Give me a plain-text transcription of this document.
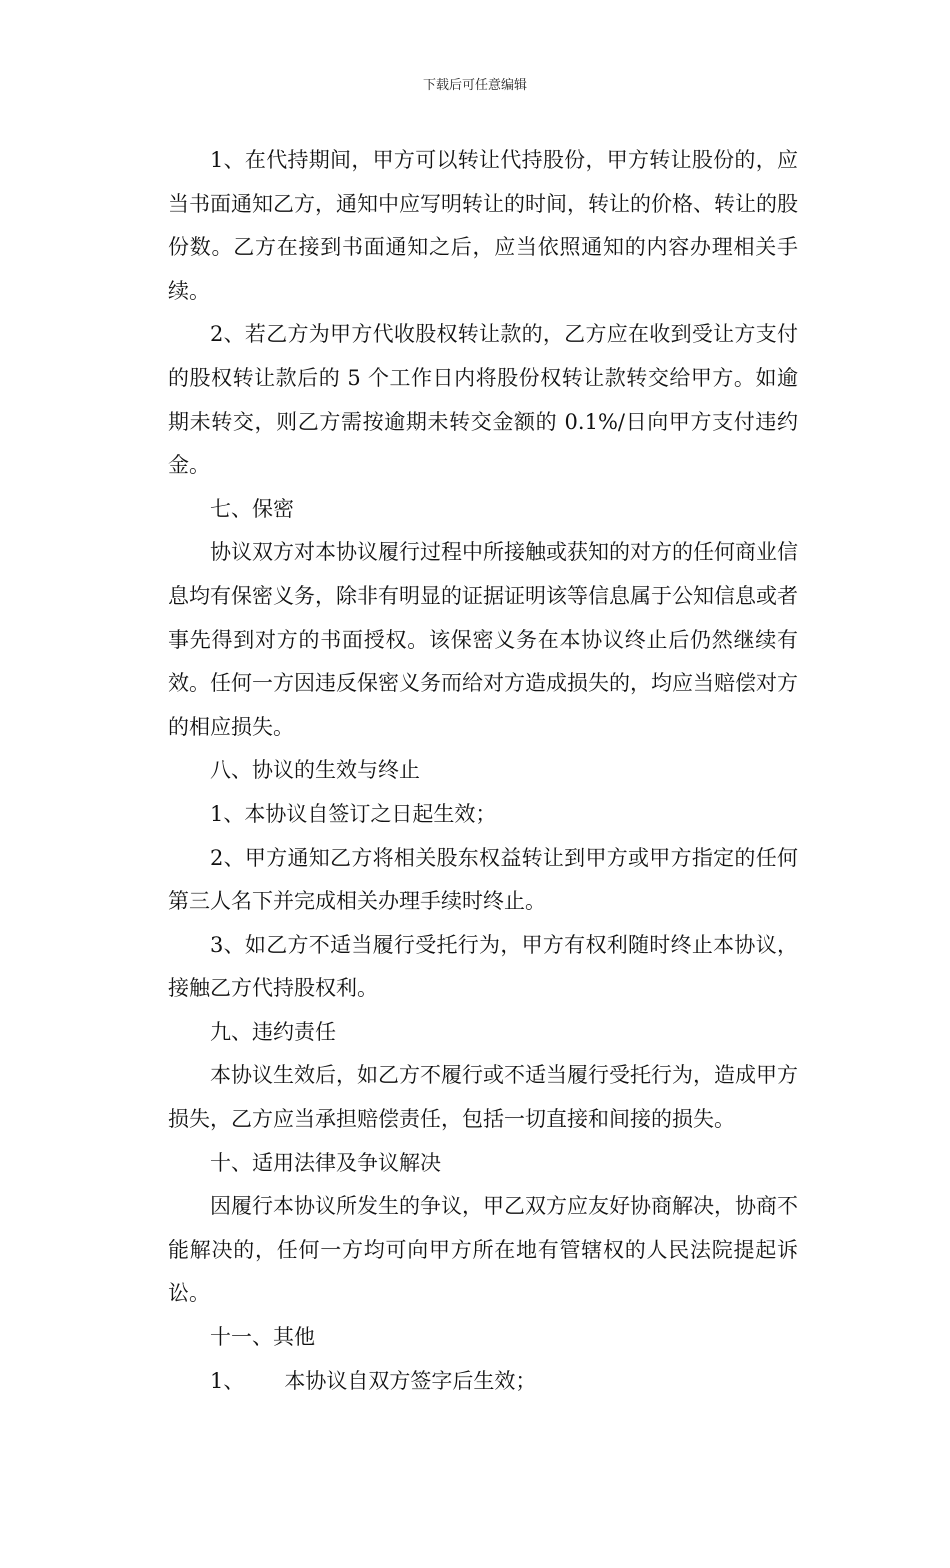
下载后可任意编辑

1、在代持期间，甲方可以转让代持股份，甲方转让股份的，应当书面通知乙方，通知中应写明转让的时间，转让的价格、转让的股份数。乙方在接到书面通知之后，应当依照通知的内容办理相关手续。

2、若乙方为甲方代收股权转让款的，乙方应在收到受让方支付的股权转让款后的 5 个工作日内将股份权转让款转交给甲方。如逾期未转交，则乙方需按逾期未转交金额的 0.1%/日向甲方支付违约金。

七、保密

协议双方对本协议履行过程中所接触或获知的对方的任何商业信息均有保密义务，除非有明显的证据证明该等信息属于公知信息或者事先得到对方的书面授权。该保密义务在本协议终止后仍然继续有效。任何一方因违反保密义务而给对方造成损失的，均应当赔偿对方的相应损失。

八、协议的生效与终止

1、本协议自签订之日起生效；

2、甲方通知乙方将相关股东权益转让到甲方或甲方指定的任何第三人名下并完成相关办理手续时终止。

3、如乙方不适当履行受托行为，甲方有权利随时终止本协议，接触乙方代持股权利。

九、违约责任

本协议生效后，如乙方不履行或不适当履行受托行为，造成甲方损失，乙方应当承担赔偿责任，包括一切直接和间接的损失。

十、适用法律及争议解决

因履行本协议所发生的争议，甲乙双方应友好协商解决，协商不能解决的，任何一方均可向甲方所在地有管辖权的人民法院提起诉讼。

十一、其他

1、      本协议自双方签字后生效；
